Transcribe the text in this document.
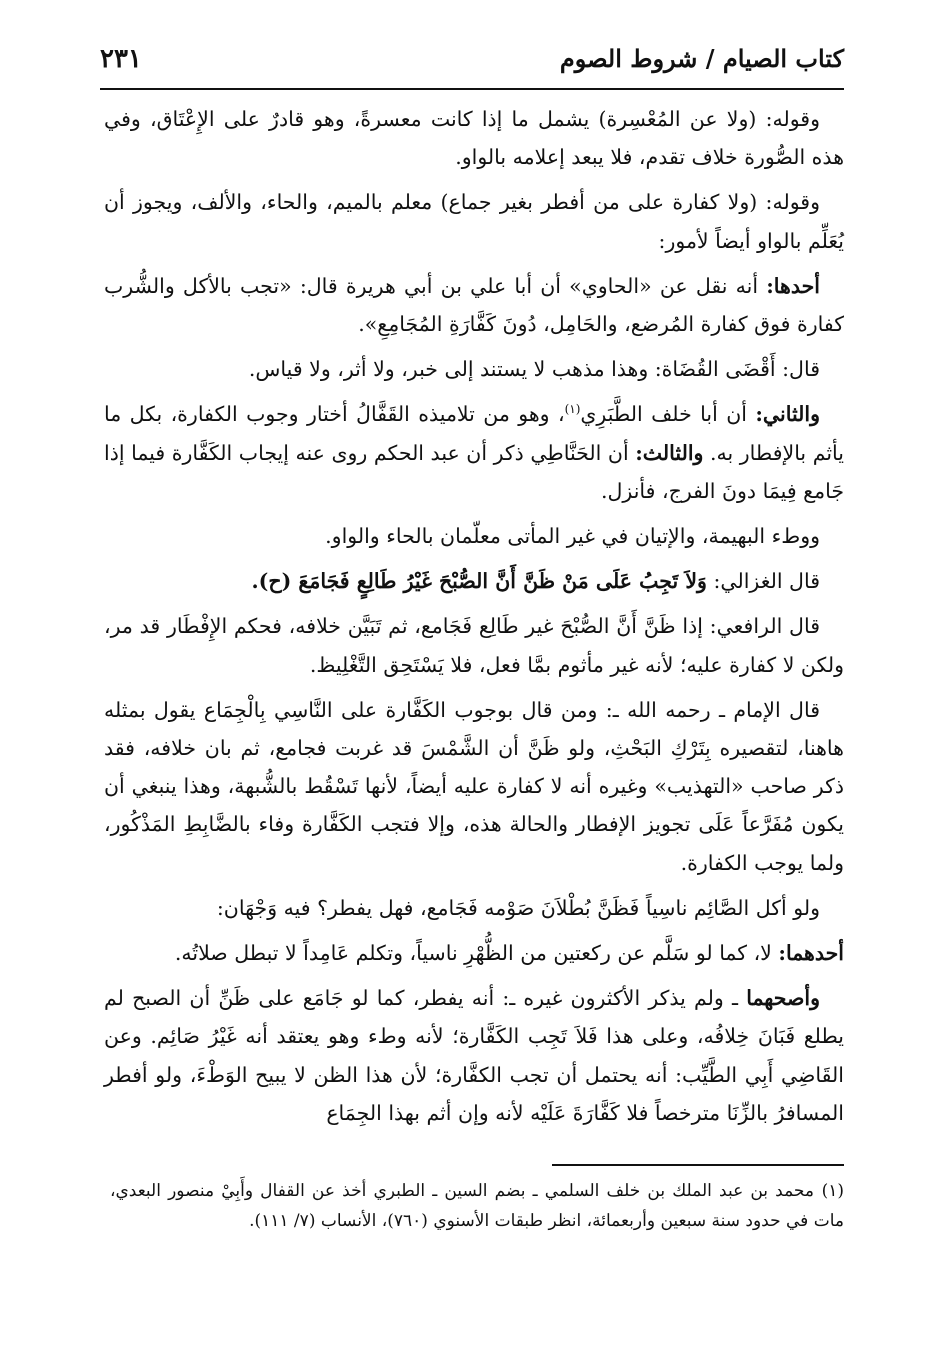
كتاب الصيام / شروط الصوم
٢٣١

وقوله: (ولا عن المُعْسِرة) يشمل ما إذا كانت معسرةً، وهو قادرٌ على الإِعْتَاق، وفي هذه الصُّورة خلاف تقدم، فلا يبعد إعلامه بالواو.

وقوله: (ولا كفارة على من أفطر بغير جماع) معلم بالميم، والحاء، والألف، ويجوز أن يُعَلِّم بالواو أيضاً لأمور:

أحدها: أنه نقل عن «الحاوي» أن أبا علي بن أبي هريرة قال: «تجب بالأكل والشُّرب كفارة فوق كفارة المُرضع، والحَامِل، دُونَ كَفَّارَةِ المُجَامِعِ».

قال: أَقْضَى القُضَاة: وهذا مذهب لا يستند إلى خبر، ولا أثر، ولا قياس.

والثاني: أن أبا خلف الطَّبَرِي$^{(١)}$، وهو من تلاميذه القَفَّالُ أختار وجوب الكفارة، بكل ما يأثم بالإفطار به. والثالث: أن الحَنَّاطِي ذكر أن عبد الحكم روى عنه إيجاب الكَفَّارة فيما إذا جَامع فِيمَا دونَ الفرج، فأنزل.

ووطء البهيمة، والإتيان في غير المأتى معلّمان بالحاء والواو.

قال الغزالي: وَلاَ تَجِبُ عَلَى مَنْ ظَنَّ أَنَّ الصُّبْحَ غَيْرُ طَالِعٍ فَجَامَعَ (ح).

قال الرافعي: إذا ظَنَّ أَنَّ الصُّبْحَ غير طَالِع فَجَامع، ثم تَبَيَّن خلافه، فحكم الإِفْطَار قد مر، ولكن لا كفارة عليه؛ لأنه غير مأثوم بمَّا فعل، فلا يَسْتَحِق التَّغْلِيظ.

قال الإمام ـ رحمه الله ـ: ومن قال بوجوب الكَفَّارة على النَّاسِي بِالْجِمَاع يقول بمثله هاهنا، لتقصيره بِتَرْكِ البَحْثِ، ولو ظَنَّ أن الشَّمْسَ قد غربت فجامع، ثم بان خلافه، فقد ذكر صاحب «التهذيب» وغيره أنه لا كفارة عليه أيضاً، لأنها تَسْقُط بالشُّبهة، وهذا ينبغي أن يكون مُفَرَّعاً عَلَى تجويز الإفطار والحالة هذه، وإلا فتجب الكَفَّارة وفاء بالضَّابِطِ المَذْكُور، ولما يوجب الكفارة.

ولو أكل الصَّائِم ناسِياً فَظَنَّ بُطْلاَنَ صَوْمه فَجَامع، فهل يفطر؟ فيه وَجْهَان:

أحدهما: لا، كما لو سَلَّم عن ركعتين من الظُّهْرِ ناسياً، وتكلم عَامِداً لا تبطل صلاتُه.

وأصحهما ـ ولم يذكر الأكثرون غيره ـ: أنه يفطر، كما لو جَامَع على ظَنِّ أن الصبح لم يطلع فَبَانَ خِلافُه، وعلى هذا فَلاَ تَجِب الكَفَّارة؛ لأنه وطء وهو يعتقد أنه غَيْرُ صَائِم. وعن القَاضِي أَبِي الطَّيِّب: أنه يحتمل أن تجب الكفَّارة؛ لأن هذا الظن لا يبيح الوَطْءَ، ولو أفطر المسافرُ بالزِّنَا مترخصاً فلا كَفَّارَةَ عَلَيْه لأنه وإن أثم بهذا الجِمَاع

(١)محمد بن عبد الملك بن خلف السلمي ـ بضم السين ـ الطبري أخذ عن القفال وأَبِيْ منصور البعدي، مات في حدود سنة سبعين وأربعمائة، انظر طبقات الأسنوي (٧٦٠)، الأنساب (٧/ ١١١).
